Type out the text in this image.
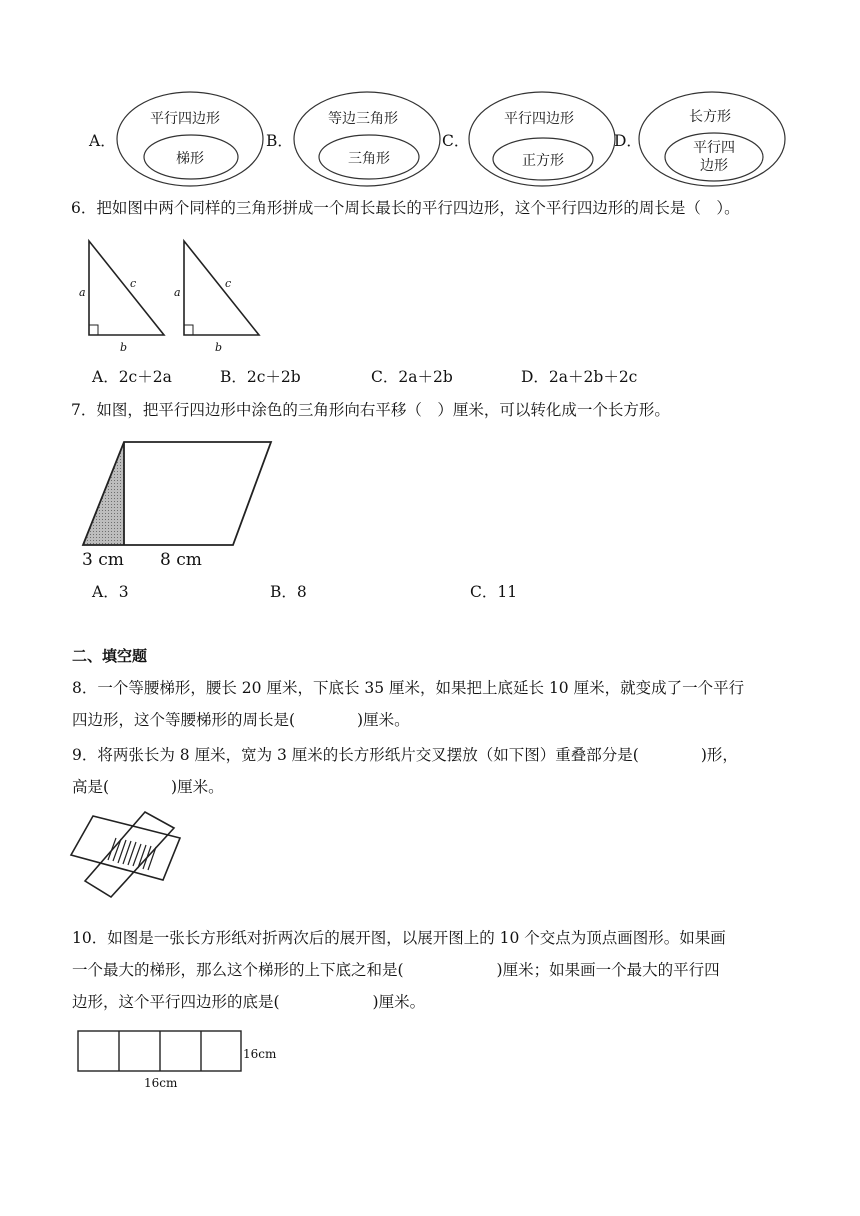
A．
平行四边形
梯形
B．
等边三角形
三角形
C．
平行四边形
正方形
D．
长方形
平行四
边形
6．把如图中两个同样的三角形拼成一个周长最长的平行四边形，这个平行四边形的周长是（　）。
a
c
b
a
c
b
A．2c＋2a	B．2c＋2b	C．2a＋2b	D．2a＋2b＋2c
7．如图，把平行四边形中涂色的三角形向右平移（　）厘米，可以转化成一个长方形。
3 cm 8 cm
A．3	B．8	C．11
二、填空题
8．一个等腰梯形，腰长 20 厘米，下底长 35 厘米，如果把上底延长 10 厘米，就变成了一个平行
四边形，这个等腰梯形的周长是(　　　　)厘米。
9．将两张长为 8 厘米，宽为 3 厘米的长方形纸片交叉摆放（如下图）重叠部分是(　　　　)形，
高是(　　　　)厘米。
10．如图是一张长方形纸对折两次后的展开图，以展开图上的 10 个交点为顶点画图形。如果画
一个最大的梯形，那么这个梯形的上下底之和是(　　　　　　)厘米；如果画一个最大的平行四
边形，这个平行四边形的底是(　　　　　　)厘米。
16cm
16cm
